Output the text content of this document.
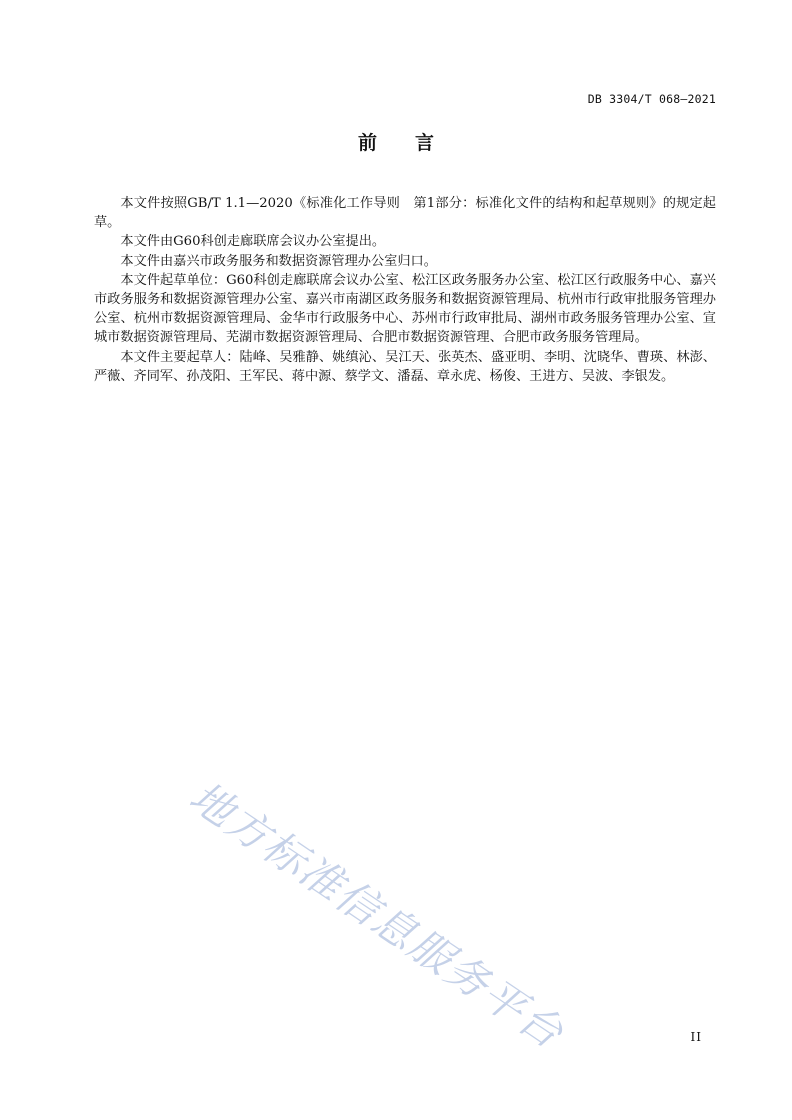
DB 3304/T 068—2021
前言

本文件按照GB/T 1.1—2020《标准化工作导则　第1部分：标准化文件的结构和起草规则》的规定起草。

本文件由G60科创走廊联席会议办公室提出。

本文件由嘉兴市政务服务和数据资源管理办公室归口。

本文件起草单位：G60科创走廊联席会议办公室、松江区政务服务办公室、松江区行政服务中心、嘉兴市政务服务和数据资源管理办公室、嘉兴市南湖区政务服务和数据资源管理局、杭州市行政审批服务管理办公室、杭州市数据资源管理局、金华市行政服务中心、苏州市行政审批局、湖州市政务服务管理办公室、宣城市数据资源管理局、芜湖市数据资源管理局、合肥市数据资源管理、合肥市政务服务管理局。

本文件主要起草人：陆峰、吴雅静、姚缜沁、吴江天、张英杰、盛亚明、李明、沈晓华、曹瑛、林澎、严薇、齐同军、孙茂阳、王军民、蒋中源、蔡学文、潘磊、章永虎、杨俊、王进方、吴波、李银发。

地方标准信息服务平台	II
